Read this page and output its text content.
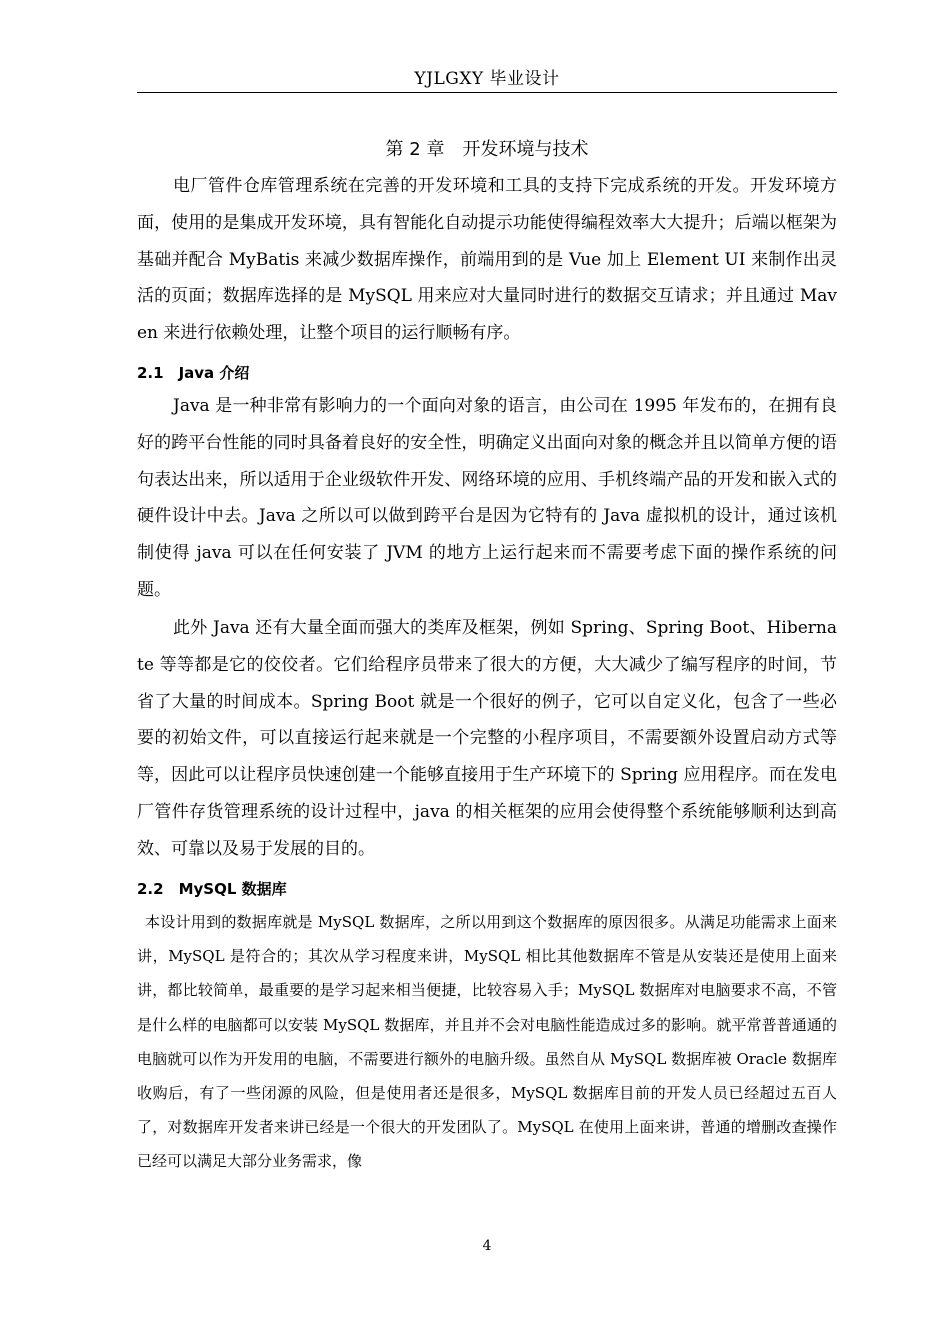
YJLGXY 毕业设计
第 2 章　开发环境与技术

电厂管件仓库管理系统在完善的开发环境和工具的支持下完成系统的开发。开发环境方面，使用的是集成开发环境，具有智能化自动提示功能使得编程效率大大提升；后端以框架为基础并配合 MyBatis 来减少数据库操作，前端用到的是 Vue 加上 Element UI 来制作出灵活的页面；数据库选择的是 MySQL 用来应对大量同时进行的数据交互请求；并且通过 Maven 来进行依赖处理，让整个项目的运行顺畅有序。

2.1　Java 介绍

Java 是一种非常有影响力的一个面向对象的语言，由公司在 1995 年发布的，在拥有良好的跨平台性能的同时具备着良好的安全性，明确定义出面向对象的概念并且以简单方便的语句表达出来，所以适用于企业级软件开发、网络环境的应用、手机终端产品的开发和嵌入式的硬件设计中去。Java 之所以可以做到跨平台是因为它特有的 Java 虚拟机的设计，通过该机制使得 java 可以在任何安装了 JVM 的地方上运行起来而不需要考虑下面的操作系统的问题。

此外 Java 还有大量全面而强大的类库及框架，例如 Spring、Spring Boot、Hibernate 等等都是它的佼佼者。它们给程序员带来了很大的方便，大大减少了编写程序的时间，节省了大量的时间成本。Spring Boot 就是一个很好的例子，它可以自定义化，包含了一些必要的初始文件，可以直接运行起来就是一个完整的小程序项目，不需要额外设置启动方式等等，因此可以让程序员快速创建一个能够直接用于生产环境下的 Spring 应用程序。而在发电厂管件存货管理系统的设计过程中，java 的相关框架的应用会使得整个系统能够顺利达到高效、可靠以及易于发展的目的。

2.2　MySQL 数据库

本设计用到的数据库就是 MySQL 数据库，之所以用到这个数据库的原因很多。从满足功能需求上面来讲，MySQL 是符合的；其次从学习程度来讲，MySQL 相比其他数据库不管是从安装还是使用上面来讲，都比较简单，最重要的是学习起来相当便捷，比较容易入手；MySQL 数据库对电脑要求不高，不管是什么样的电脑都可以安装 MySQL 数据库，并且并不会对电脑性能造成过多的影响。就平常普普通通的电脑就可以作为开发用的电脑，不需要进行额外的电脑升级。虽然自从 MySQL 数据库被 Oracle 数据库收购后，有了一些闭源的风险，但是使用者还是很多，MySQL 数据库目前的开发人员已经超过五百人了，对数据库开发者来讲已经是一个很大的开发团队了。MySQL 在使用上面来讲，普通的增删改查操作已经可以满足大部分业务需求，像

4
